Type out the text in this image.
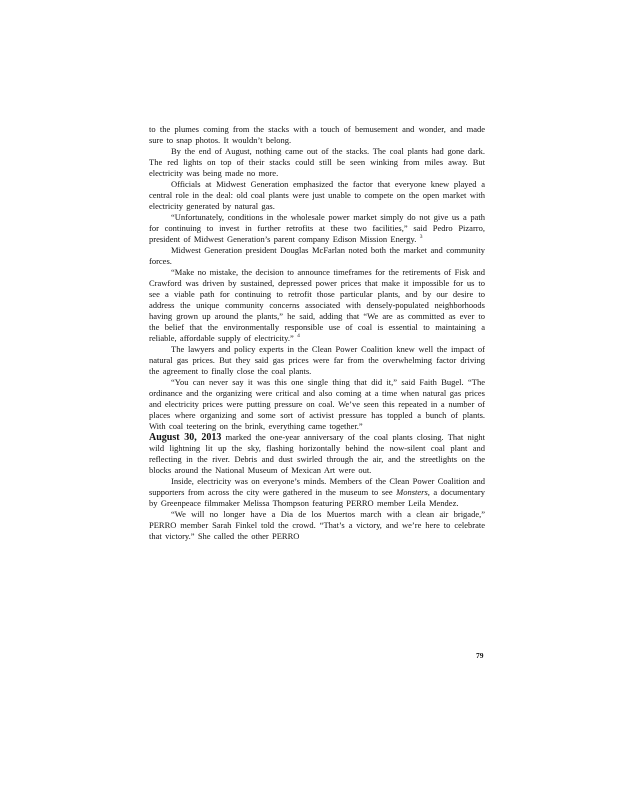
to the plumes coming from the stacks with a touch of bemusement and wonder, and made sure to snap photos. It wouldn’t belong.

By the end of August, nothing came out of the stacks. The coal plants had gone dark. The red lights on top of their stacks could still be seen winking from miles away. But electricity was being made no more.

Officials at Midwest Generation emphasized the factor that everyone knew played a central role in the deal: old coal plants were just unable to compete on the open market with electricity generated by natural gas.

“Unfortunately, conditions in the wholesale power market simply do not give us a path for continuing to invest in further retrofits at these two facilities,” said Pedro Pizarro, president of Midwest Generation’s parent company Edison Mission Energy. $^3$

Midwest Generation president Douglas McFarlan noted both the market and community forces.

“Make no mistake, the decision to announce timeframes for the retirements of Fisk and Crawford was driven by sustained, depressed power prices that make it impossible for us to see a viable path for continuing to retrofit those particular plants, and by our desire to address the unique community concerns associated with densely-populated neighborhoods having grown up around the plants,” he said, adding that “We are as committed as ever to the belief that the environmentally responsible use of coal is essential to maintaining a reliable, affordable supply of electricity.” $^4$

The lawyers and policy experts in the Clean Power Coalition knew well the impact of natural gas prices. But they said gas prices were far from the overwhelming factor driving the agreement to finally close the coal plants.

“You can never say it was this one single thing that did it,” said Faith Bugel. “The ordinance and the organizing were critical and also coming at a time when natural gas prices and electricity prices were putting pressure on coal. We’ve seen this repeated in a number of places where organizing and some sort of activist pressure has toppled a bunch of plants. With coal teetering on the brink, everything came together.”

August 30, 2013 marked the one-year anniversary of the coal plants closing. That night wild lightning lit up the sky, flashing horizontally behind the now-silent coal plant and reflecting in the river. Debris and dust swirled through the air, and the streetlights on the blocks around the National Museum of Mexican Art were out.

Inside, electricity was on everyone’s minds. Members of the Clean Power Coalition and supporters from across the city were gathered in the museum to see Monsters, a documentary by Greenpeace filmmaker Melissa Thompson featuring PERRO member Leila Mendez.

“We will no longer have a Dia de los Muertos march with a clean air brigade,” PERRO member Sarah Finkel told the crowd. “That’s a victory, and we’re here to celebrate that victory.” She called the other PERRO

79
